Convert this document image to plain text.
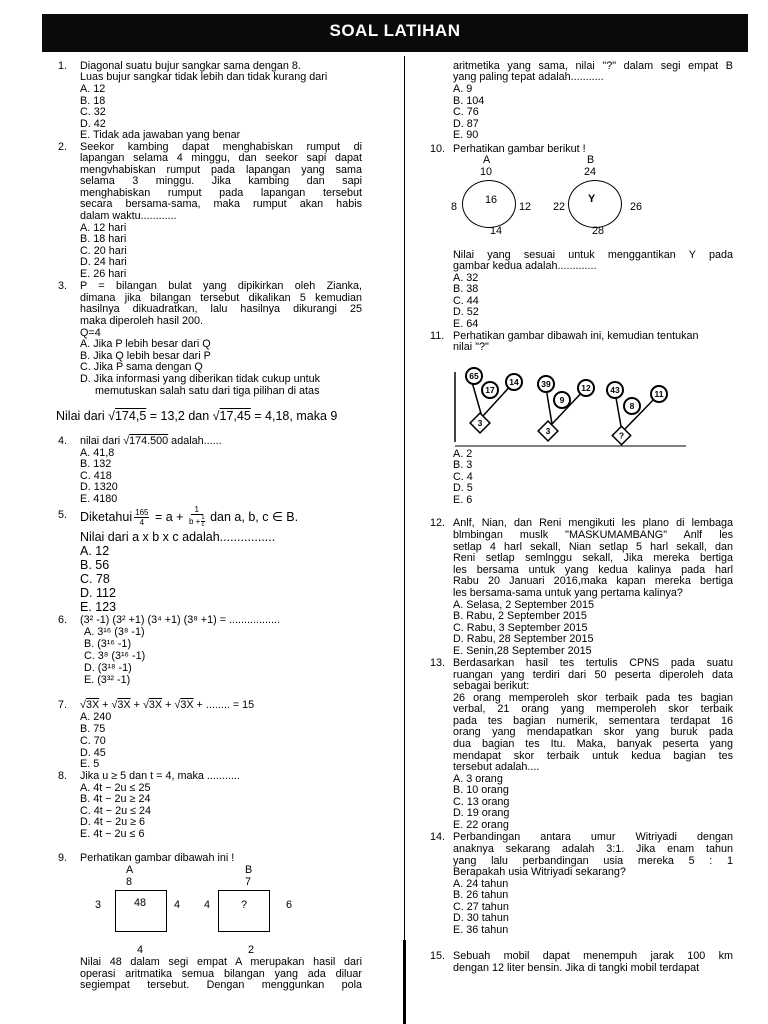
SOAL LATIHAN
1. Diagonal suatu bujur sangkar sama dengan 8.
Luas bujur sangkar tidak lebih dan tidak kurang dari
A. 12
B. 18
C. 32
D. 42
E. Tidak ada jawaban yang benar
2. Seekor kambing dapat menghabiskan rumput di
lapangan selama 4 minggu, dan seekor sapi dapat
mengvhabiskan rumput pada lapangan yang sama
selama 3 minggu. Jika kambing dan sapi
menghabiskan rumput pada lapangan tersebut
secara bersama-sama, maka rumput akan habis
dalam waktu............
A. 12 hari
B. 18 hari
C. 20 hari
D. 24 hari
E. 26 hari
3. P = bilangan bulat yang dipikirkan oleh Zianka,
dimana jika bilangan tersebut dikalikan 5 kemudian
hasilnya dikuadratkan, lalu hasilnya dikurangi 25
maka diperoleh hasil 200.
Q=4
A. Jika P lebih besar dari Q
B. Jika Q lebih besar dari P
C. Jika P sama dengan Q
D. Jika informasi yang diberikan tidak cukup untuk
memutuskan salah satu dari tiga pilihan di atas
Nilai dari √174,5 = 13,2 dan √17,45 = 4,18, maka 9
4. nilai dari √174.500 adalah......
A. 41,8
B. 132
C. 418
D. 1320
E. 4180
5. Diketahui $\frac{165}{4} = a + \frac{1}{b + \frac{1}{c}}$ dan a, b, c ∈ B.
Nilai dari a x b x c adalah................
A. 12
B. 56
C. 78
D. 112
E. 123
6. (3² -1) (3² +1) (3⁴ +1) (3⁸ +1) = .................
A. 3¹⁶ (3⁸ -1)
B. (3¹⁶ -1)
C. 3⁸ (3¹⁶ -1)
D. (3¹⁸ -1)
E. (3³² -1)
7. √3X + √3X + √3X + √3X + ........ = 15
A. 240
B. 75
C. 70
D. 45
E. 5
8. Jika u ≥ 5 dan t = 4, maka ...........
A. 4t − 2u ≤ 25
B. 4t − 2u ≥ 24
C. 4t − 2u ≤ 24
D. 4t − 2u ≥ 6
E. 4t − 2u ≤ 6
9. Perhatikan gambar dibawah ini !
A
8
48
3	4
4
B
7
?
4	6
2
Nilai 48 dalam segi empat A merupakan hasil dari
operasi aritmatika semua bilangan yang ada diluar
segiempat tersebut. Dengan menggunkan pola
aritmetika yang sama, nilai "?" dalam segi empat B
yang paling tepat adalah...........
A. 9
B. 104
C. 76
D. 87
E. 90
10. Perhatikan gambar berikut !
A
10
16
8	12
14
B
24
Y
22	26
28
Nilai yang sesuai untuk menggantikan Y pada
gambar kedua adalah.............
A. 32
B. 38
C. 44
D. 52
E. 64
11. Perhatikan gambar dibawah ini, kemudian tentukan
nilai "?"
65
14
17
3
39	12
9
3
43	11
8
?
A. 2
B. 3
C. 4
D. 5
E. 6
12. Anlf, Nian, dan Reni mengikuti les plano di lembaga
blmbingan muslk "MASKUMAMBANG" Anlf les
setlap 4 harl sekall, Nian setlap 5 harl sekall, dan
Reni setlap semlnggu sekall, Jika mereka bertiga
les bersama untuk yang kedua kalinya pada harl
Rabu 20 Januari 2016,maka kapan mereka bertiga
les bersama-sama untuk yang pertama kalinya?
A. Selasa, 2 September 2015
B. Rabu, 2 September 2015
C. Rabu, 3 September 2015
D. Rabu, 28 September 2015
E. Senin,28 September 2015
13. Berdasarkan hasil tes tertulis CPNS pada suatu
ruangan yang terdiri dari 50 peserta diperoleh data
sebagai berikut:
26 orang memperoleh skor terbaik pada tes bagian
verbal, 21 orang yang memperoleh skor terbaik
pada tes bagian numerik, sementara terdapat 16
orang yang mendapatkan skor yang buruk pada
dua bagian tes Itu. Maka, banyak peserta yang
mendapat skor terbaik untuk kedua bagian tes
tersebut adalah....
A. 3 orang
B. 10 orang
C. 13 orang
D. 19 orang
E. 22 orang
14. Perbandingan antara umur Witriyadi dengan
anaknya sekarang adalah 3:1. Jika enam tahun
yang lalu perbandingan usia mereka 5 : 1
Berapakah usia Witriyadi sekarang?
A. 24 tahun
B. 26 tahun
C. 27 tahun
D. 30 tahun
E. 36 tahun
15. Sebuah mobil dapat menempuh jarak 100 km
dengan 12 liter bensin. Jika di tangki mobil terdapat
